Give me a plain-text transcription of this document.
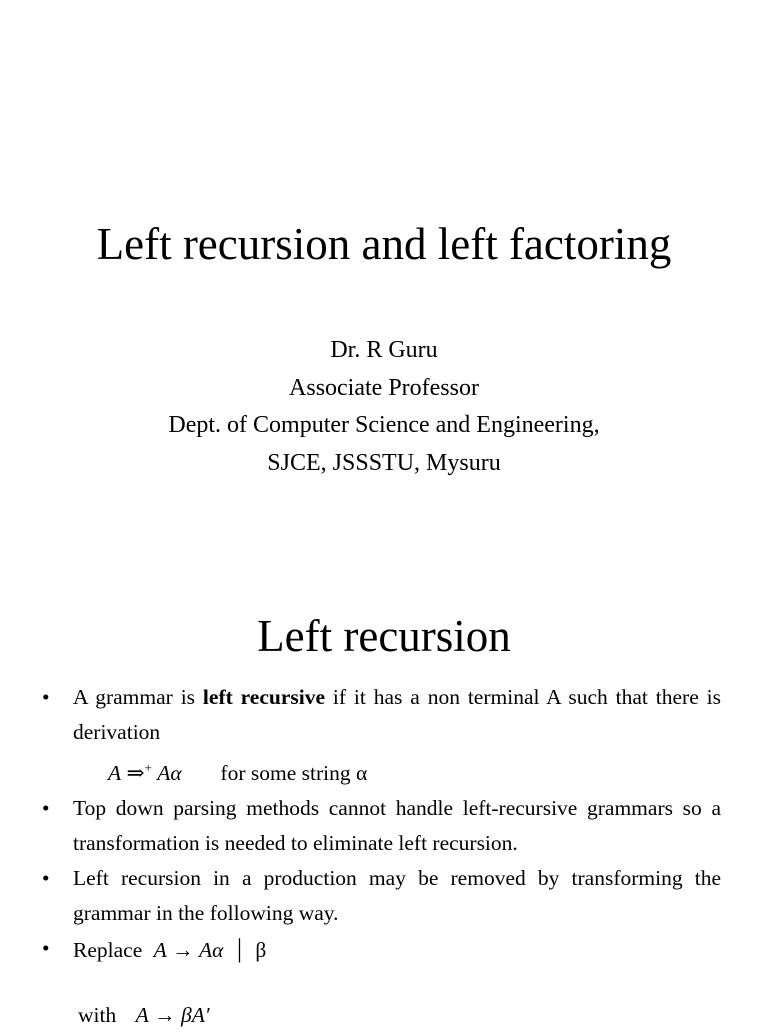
Left recursion and left factoring
Dr. R Guru
Associate Professor
Dept. of Computer Science and Engineering,
SJCE, JSSSTU, Mysuru
Left recursion
• A grammar is left recursive if it has a non terminal A such that there is derivation
A ⇒+ Aα for some string α
• Top down parsing methods cannot handle left-recursive grammars so a transformation is needed to eliminate left recursion.
• Left recursion in a production may be removed by transforming the grammar in the following way.
• Replace A → Aα | β
with A → βA′
